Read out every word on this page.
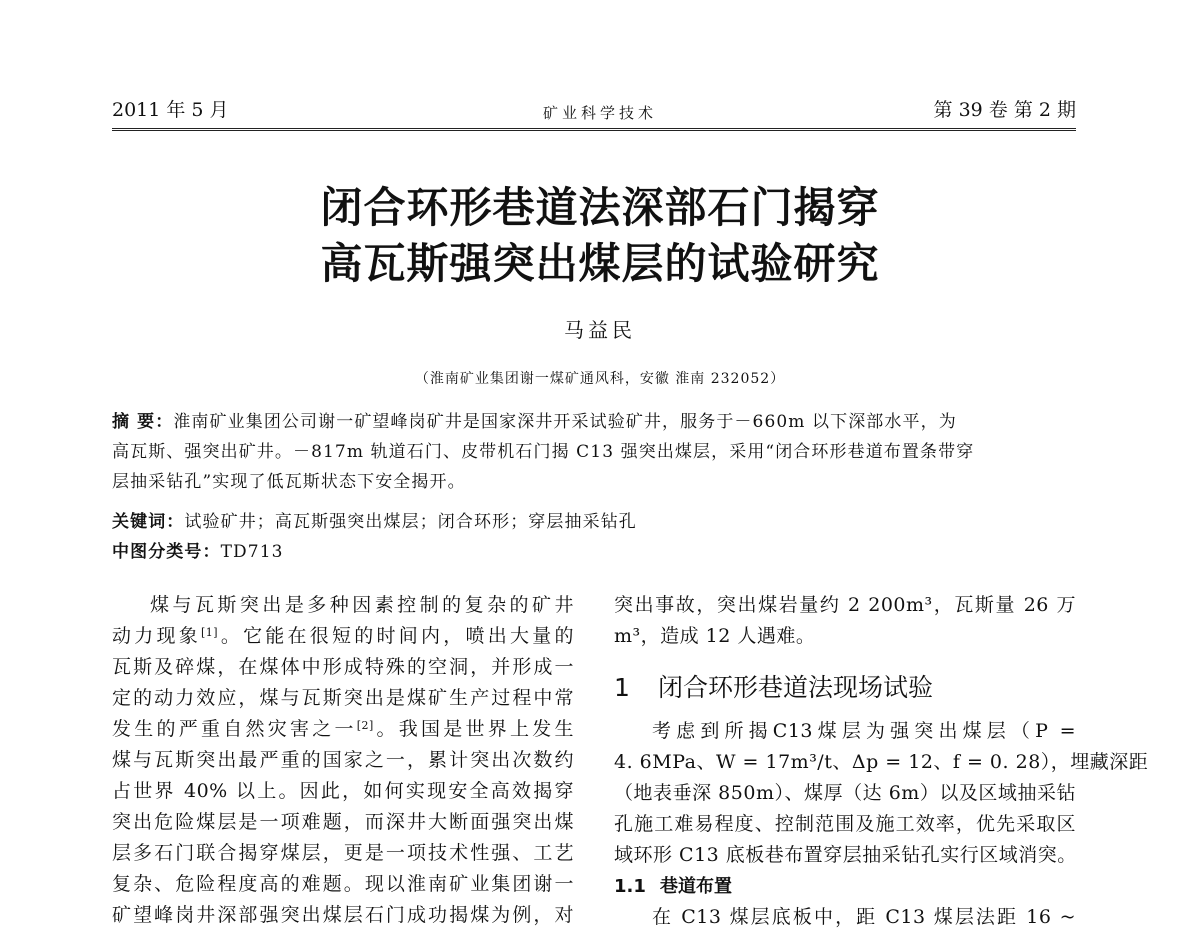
2011 年 5 月	矿业科学技术	第 39 卷 第 2 期
闭合环形巷道法深部石门揭穿
高瓦斯强突出煤层的试验研究
马益民
（淮南矿业集团谢一煤矿通风科，安徽 淮南 232052）
摘 要：淮南矿业集团公司谢一矿望峰岗矿井是国家深井开采试验矿井，服务于－660m 以下深部水平，为
高瓦斯、强突出矿井。－817m 轨道石门、皮带机石门揭 C13 强突出煤层，采用“闭合环形巷道布置条带穿
层抽采钻孔”实现了低瓦斯状态下安全揭开。
关键词：试验矿井；高瓦斯强突出煤层；闭合环形；穿层抽采钻孔
中图分类号：TD713

煤与瓦斯突出是多种因素控制的复杂的矿井

动力现象[1]。它能在很短的时间内，喷出大量的

瓦斯及碎煤，在煤体中形成特殊的空洞，并形成一

定的动力效应，煤与瓦斯突出是煤矿生产过程中常

发生的严重自然灾害之一[2]。我国是世界上发生

煤与瓦斯突出最严重的国家之一，累计突出次数约

占世界 40% 以上。因此，如何实现安全高效揭穿

突出危险煤层是一项难题，而深井大断面强突出煤

层多石门联合揭穿煤层，更是一项技术性强、工艺

复杂、危险程度高的难题。现以淮南矿业集团谢一

矿望峰岗井深部强突出煤层石门成功揭煤为例，对

突出事故，突出煤岩量约 2 200m³，瓦斯量 26 万

m³，造成 12 人遇难。

1 闭合环形巷道法现场试验

考虑到所揭C13煤层为强突出煤层（P =

4. 6MPa、W = 17m³/t、Δp = 12、f = 0. 28），埋藏深距

（地表垂深 850m）、煤厚（达 6m）以及区域抽采钻

孔施工难易程度、控制范围及施工效率，优先采取区

域环形 C13 底板巷布置穿层抽采钻孔实行区域消突。

1.1 巷道布置

在 C13 煤层底板中，距 C13 煤层法距 16 ~
